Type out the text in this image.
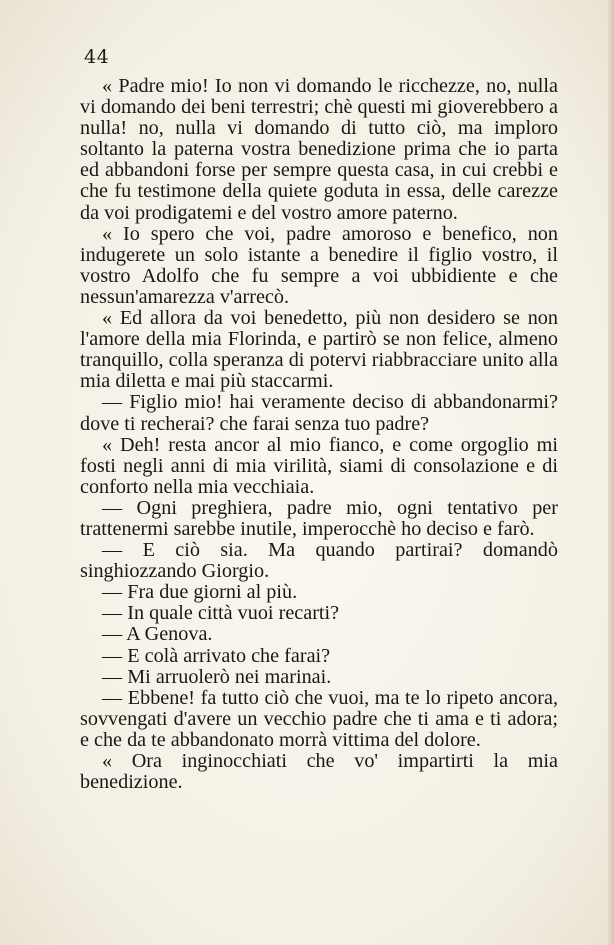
44

« Padre mio! Io non vi domando le ricchezze, no, nulla vi domando dei beni terrestri; chè questi mi gioverebbero a nulla! no, nulla vi domando di tutto ciò, ma imploro soltanto la paterna vostra benedizione prima che io parta ed abbandoni forse per sempre questa casa, in cui crebbi e che fu testimone della quiete goduta in essa, delle carezze da voi prodigatemi e del vostro amore paterno.

« Io spero che voi, padre amoroso e benefico, non indugerete un solo istante a benedire il figlio vostro, il vostro Adolfo che fu sempre a voi ubbidiente e che nessun'amarezza v'arrecò.

« Ed allora da voi benedetto, più non desidero se non l'amore della mia Florinda, e partirò se non felice, almeno tranquillo, colla speranza di potervi riabbracciare unito alla mia diletta e mai più staccarmi.

— Figlio mio! hai veramente deciso di abbandonarmi? dove ti recherai? che farai senza tuo padre?

« Deh! resta ancor al mio fianco, e come orgoglio mi fosti negli anni di mia virilità, siami di consolazione e di conforto nella mia vecchiaia.

— Ogni preghiera, padre mio, ogni tentativo per trattenermi sarebbe inutile, imperocchè ho deciso e farò.

— E ciò sia. Ma quando partirai? domandò singhiozzando Giorgio.

— Fra due giorni al più.

— In quale città vuoi recarti?

— A Genova.

— E colà arrivato che farai?

— Mi arruolerò nei marinai.

— Ebbene! fa tutto ciò che vuoi, ma te lo ripeto ancora, sovvengati d'avere un vecchio padre che ti ama e ti adora; e che da te abbandonato morrà vittima del dolore.

« Ora inginocchiati che vo' impartirti la mia benedizione.
